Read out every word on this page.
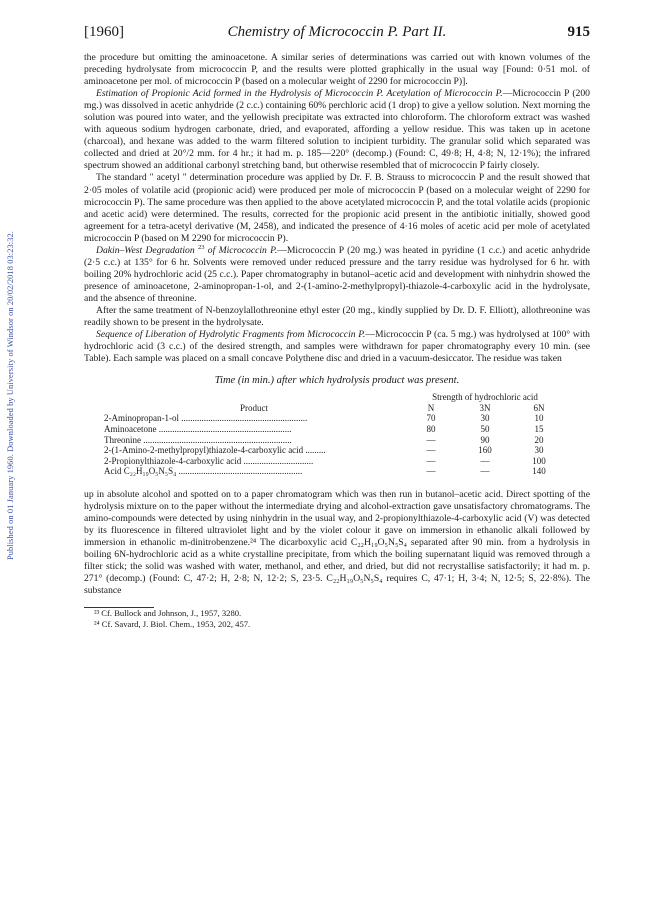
Published on 01 January 1960. Downloaded by University of Windsor on 20/02/2018 03:23:32.
[1960]	Chemistry of Micrococcin P. Part II.	915

the procedure but omitting the aminoacetone. A similar series of determinations was carried out with known volumes of the preceding hydrolysate from micrococcin P, and the results were plotted graphically in the usual way [Found: 0·51 mol. of aminoacetone per mol. of micrococcin P (based on a molecular weight of 2290 for micrococcin P)].

Estimation of Propionic Acid formed in the Hydrolysis of Micrococcin P. Acetylation of Micrococcin P.—Micrococcin P (200 mg.) was dissolved in acetic anhydride (2 c.c.) containing 60% perchloric acid (1 drop) to give a yellow solution. Next morning the solution was poured into water, and the yellowish precipitate was extracted into chloroform. The chloroform extract was washed with aqueous sodium hydrogen carbonate, dried, and evaporated, affording a yellow residue. This was taken up in acetone (charcoal), and hexane was added to the warm filtered solution to incipient turbidity. The granular solid which separated was collected and dried at 20°/2 mm. for 4 hr.; it had m. p. 185—220° (decomp.) (Found: C, 49·8; H, 4·8; N, 12·1%); the infrared spectrum showed an additional carbonyl stretching band, but otherwise resembled that of micrococcin P fairly closely.

The standard " acetyl " determination procedure was applied by Dr. F. B. Strauss to micrococcin P and the result showed that 2·05 moles of volatile acid (propionic acid) were produced per mole of micrococcin P (based on a molecular weight of 2290 for micrococcin P). The same procedure was then applied to the above acetylated micrococcin P, and the total volatile acids (propionic and acetic acid) were determined. The results, corrected for the propionic acid present in the antibiotic initially, showed good agreement for a tetra-acetyl derivative (M, 2458), and indicated the presence of 4·16 moles of acetic acid per mole of acetylated micrococcin P (based on M 2290 for micrococcin P).

Dakin–West Degradation $^{23}$ of Micrococcin P.—Micrococcin P (20 mg.) was heated in pyridine (1 c.c.) and acetic anhydride (2·5 c.c.) at 135° for 6 hr. Solvents were removed under reduced pressure and the tarry residue was hydrolysed for 6 hr. with boiling 20% hydrochloric acid (25 c.c.). Paper chromatography in butanol–acetic acid and development with ninhydrin showed the presence of aminoacetone, 2-aminopropan-1-ol, and 2-(1-amino-2-methylpropyl)-thiazole-4-carboxylic acid in the hydrolysate, and the absence of threonine.

After the same treatment of N-benzoylallothreonine ethyl ester (20 mg., kindly supplied by Dr. D. F. Elliott), allothreonine was readily shown to be present in the hydrolysate.

Sequence of Liberation of Hydrolytic Fragments from Micrococcin P.—Micrococcin P (ca. 5 mg.) was hydrolysed at 100° with hydrochloric acid (3 c.c.) of the desired strength, and samples were withdrawn for paper chromatography every 10 min. (see Table). Each sample was placed on a small concave Polythene disc and dried in a vacuum-desiccator. The residue was taken

Time (in min.) after which hydrolysis product was present.
	Strength of hydrochloric acid		
Product	N	3N	6N
2-Aminopropan-1-ol ........................................................	70	30	10
Aminoacetone ...........................................................	80	50	15
Threonine ..................................................................	—	90	20
2-(1-Amino-2-methylpropyl)thiazole-4-carboxylic acid .........	—	160	30
2-Propionylthiazole-4-carboxylic acid ...............................	—	—	100
Acid C₂₂H₁₉O₅N₅S₄ .......................................................	—	—	140

up in absolute alcohol and spotted on to a paper chromatogram which was then run in butanol–acetic acid. Direct spotting of the hydrolysis mixture on to the paper without the intermediate drying and alcohol-extraction gave unsatisfactory chromatograms. The amino-compounds were detected by using ninhydrin in the usual way, and 2-propionylthiazole-4-carboxylic acid (V) was detected by its fluorescence in filtered ultraviolet light and by the violet colour it gave on immersion in ethanolic alkali followed by immersion in ethanolic m-dinitrobenzene.²⁴ The dicarboxylic acid C₂₂H₁₉O₅N₅S₄ separated after 90 min. from a hydrolysis in boiling 6N-hydrochloric acid as a white crystalline precipitate, from which the boiling supernatant liquid was removed through a filter stick; the solid was washed with water, methanol, and ether, and dried, but did not recrystallise satisfactorily; it had m. p. 271° (decomp.) (Found: C, 47·2; H, 2·8; N, 12·2; S, 23·5. C₂₂H₁₉O₅N₅S₄ requires C, 47·1; H, 3·4; N, 12·5; S, 22·8%). The substance

²³ Cf. Bullock and Johnson, J., 1957, 3280.
²⁴ Cf. Savard, J. Biol. Chem., 1953, 202, 457.
